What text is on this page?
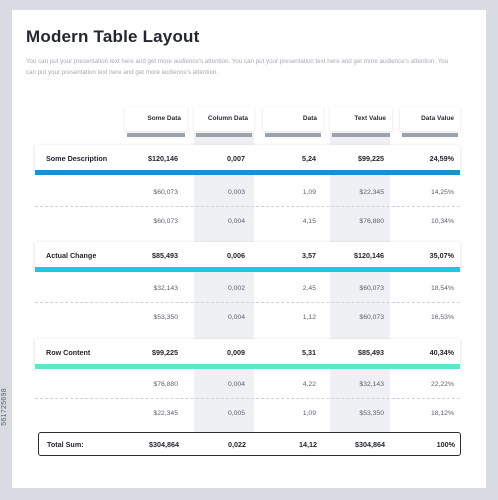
Modern Table Layout
You can put your presentation text here and get more audience's attention. You can put your presentation text here and get more audience's attention. You can put your presentation text here and get more audience's attention.
Some Data	Column Data	Data	Text Value	Data Value
Some Description	$120,146	0,007	5,24	$99,225	24,59%
$60,073	0,003	1,09	$22,345	14,25%
$60,073	0,004	4,15	$76,880	10,34%
Actual Change	$85,493	0,006	3,57	$120,146	35,07%
$32,143	0,002	2,45	$60,073	18,54%
$53,350	0,004	1,12	$60,073	16,53%
Row Content	$99,225	0,009	5,31	$85,493	40,34%
$76,880	0,004	4,22	$32,143	22,22%
$22,345	0,005	1,09	$53,350	18,12%
Total Sum:	$304,864	0,022	14,12	$304,864	100%
561725698
